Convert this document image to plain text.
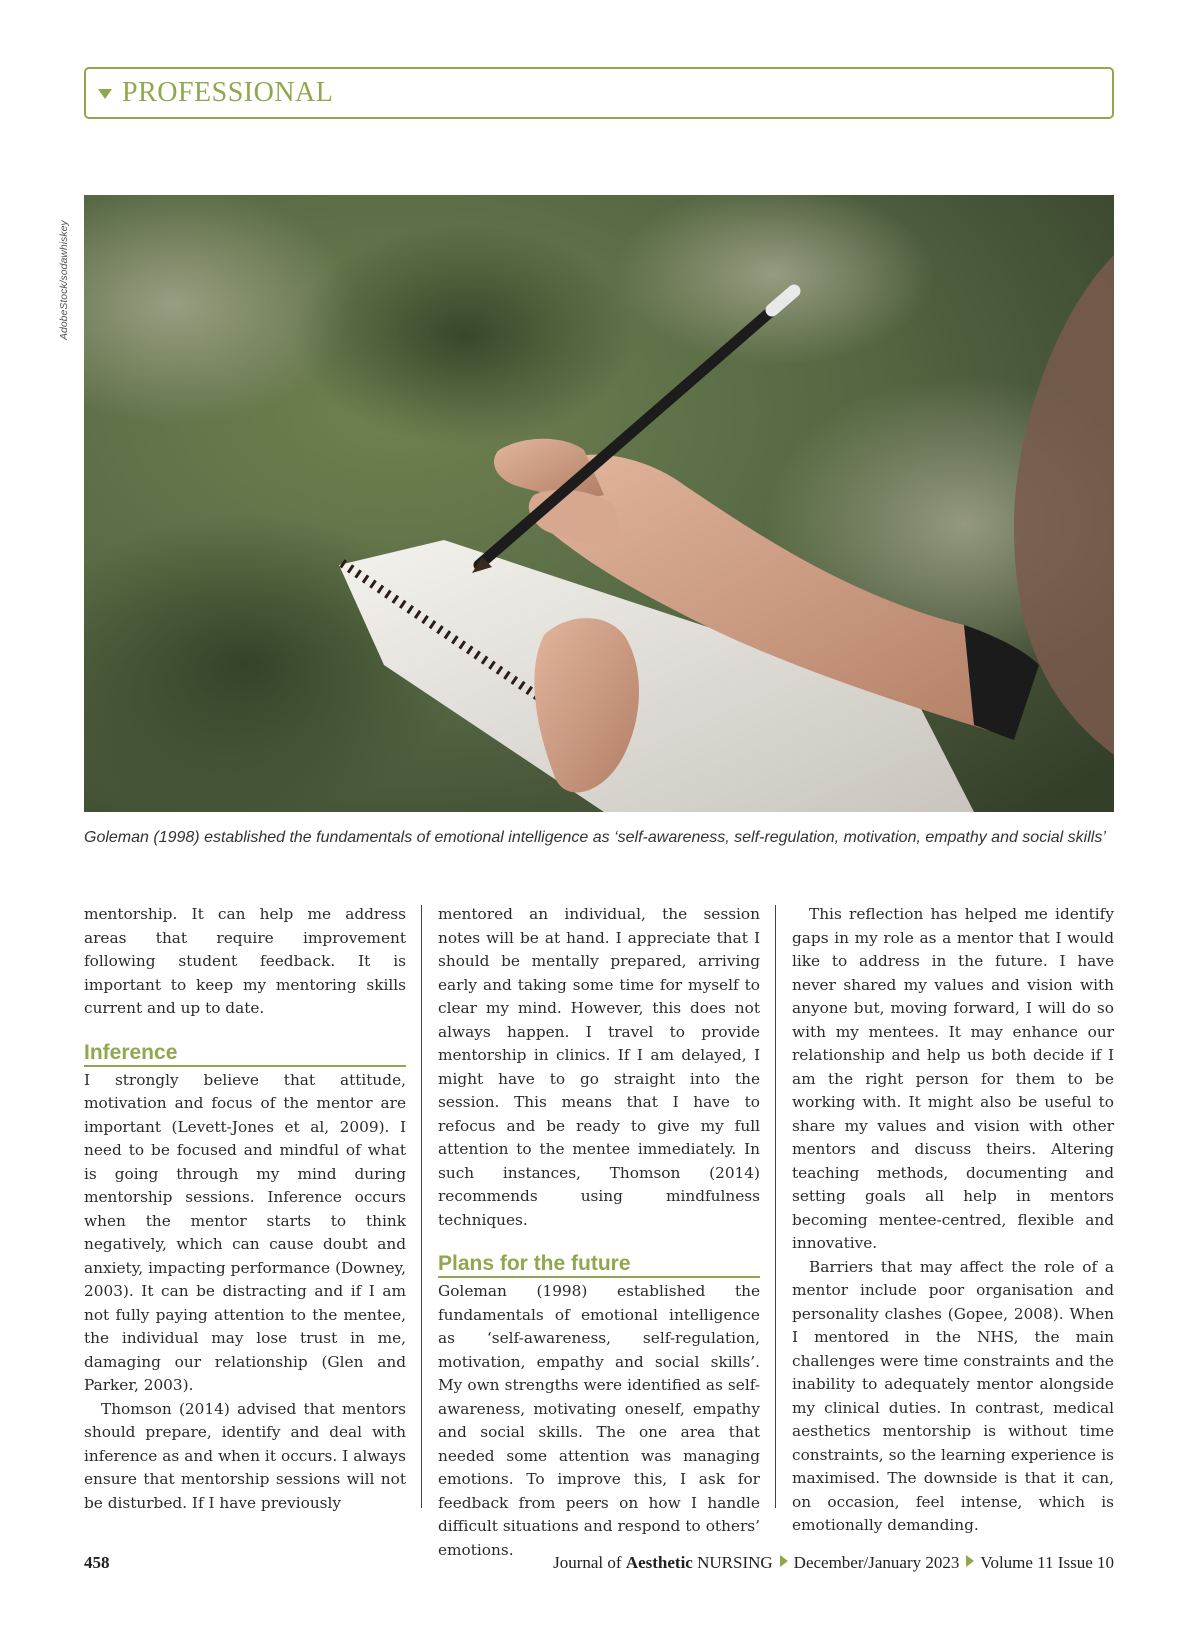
PROFESSIONAL
AdobeStock/sodawhiskey
Goleman (1998) established the fundamentals of emotional intelligence as ‘self-awareness, self-regulation, motivation, empathy and social skills’

mentorship. It can help me address areas that require improvement following student feedback. It is important to keep my mentoring skills current and up to date.

Inference

I strongly believe that attitude, motivation and focus of the mentor are important (Levett-Jones et al, 2009). I need to be focused and mindful of what is going through my mind during mentorship sessions. Inference occurs when the mentor starts to think negatively, which can cause doubt and anxiety, impacting performance (Downey, 2003). It can be distracting and if I am not fully paying attention to the mentee, the individual may lose trust in me, damaging our relationship (Glen and Parker, 2003).

Thomson (2014) advised that mentors should prepare, identify and deal with inference as and when it occurs. I always ensure that mentorship sessions will not be disturbed. If I have previously

mentored an individual, the session notes will be at hand. I appreciate that I should be mentally prepared, arriving early and taking some time for myself to clear my mind. However, this does not always happen. I travel to provide mentorship in clinics. If I am delayed, I might have to go straight into the session. This means that I have to refocus and be ready to give my full attention to the mentee immediately. In such instances, Thomson (2014) recommends using mindfulness techniques.

Plans for the future

Goleman (1998) established the fundamentals of emotional intelligence as ‘self-awareness, self-regulation, motivation, empathy and social skills’. My own strengths were identified as self-awareness, motivating oneself, empathy and social skills. The one area that needed some attention was managing emotions. To improve this, I ask for feedback from peers on how I handle difficult situations and respond to others’ emotions.

This reflection has helped me identify gaps in my role as a mentor that I would like to address in the future. I have never shared my values and vision with anyone but, moving forward, I will do so with my mentees. It may enhance our relationship and help us both decide if I am the right person for them to be working with. It might also be useful to share my values and vision with other mentors and discuss theirs. Altering teaching methods, documenting and setting goals all help in mentors becoming mentee-centred, flexible and innovative.

Barriers that may affect the role of a mentor include poor organisation and personality clashes (Gopee, 2008). When I mentored in the NHS, the main challenges were time constraints and the inability to adequately mentor alongside my clinical duties. In contrast, medical aesthetics mentorship is without time constraints, so the learning experience is maximised. The downside is that it can, on occasion, feel intense, which is emotionally demanding.

458	Journal of Aesthetic NURSING December/January 2023 Volume 11 Issue 10
